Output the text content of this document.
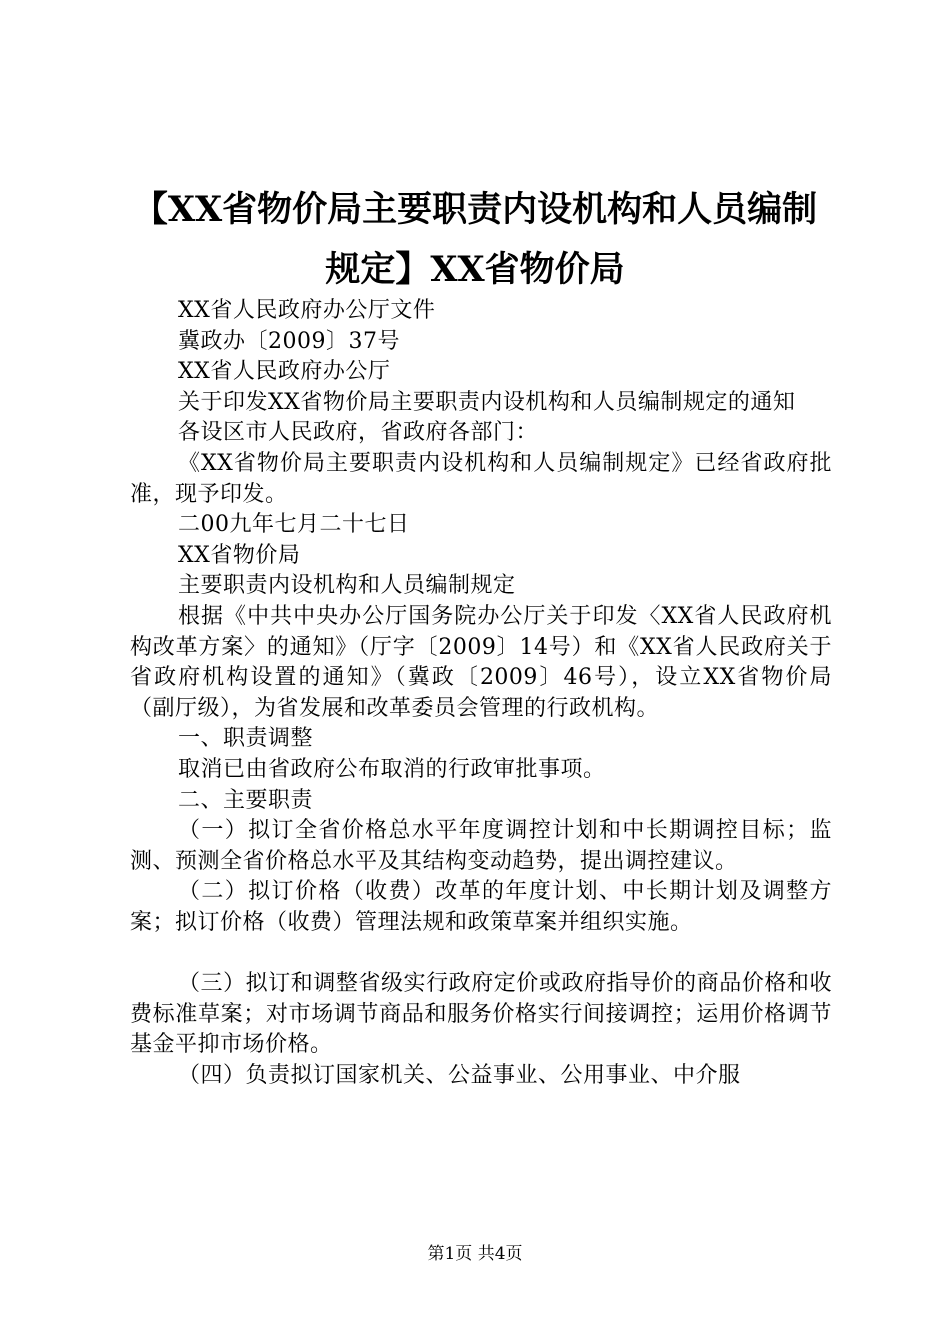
【XX省物价局主要职责内设机构和人员编制
规定】XX省物价局

XX省人民政府办公厅文件

冀政办〔2009〕37号

XX省人民政府办公厅

关于印发XX省物价局主要职责内设机构和人员编制规定的通知

各设区市人民政府，省政府各部门：

《XX省物价局主要职责内设机构和人员编制规定》已经省政府批准，现予印发。

二00九年七月二十七日

XX省物价局

主要职责内设机构和人员编制规定

根据《中共中央办公厅国务院办公厅关于印发〈XX省人民政府机构改革方案〉的通知》（厅字〔2009〕14号）和《XX省人民政府关于省政府机构设置的通知》（冀政〔2009〕46号），设立XX省物价局（副厅级），为省发展和改革委员会管理的行政机构。

一、职责调整

取消已由省政府公布取消的行政审批事项。

二、主要职责

（一）拟订全省价格总水平年度调控计划和中长期调控目标；监测、预测全省价格总水平及其结构变动趋势，提出调控建议。

（二）拟订价格（收费）改革的年度计划、中长期计划及调整方案；拟订价格（收费）管理法规和政策草案并组织实施。

（三）拟订和调整省级实行政府定价或政府指导价的商品价格和收费标准草案；对市场调节商品和服务价格实行间接调控；运用价格调节基金平抑市场价格。

（四）负责拟订国家机关、公益事业、公用事业、中介服

第1页 共4页
